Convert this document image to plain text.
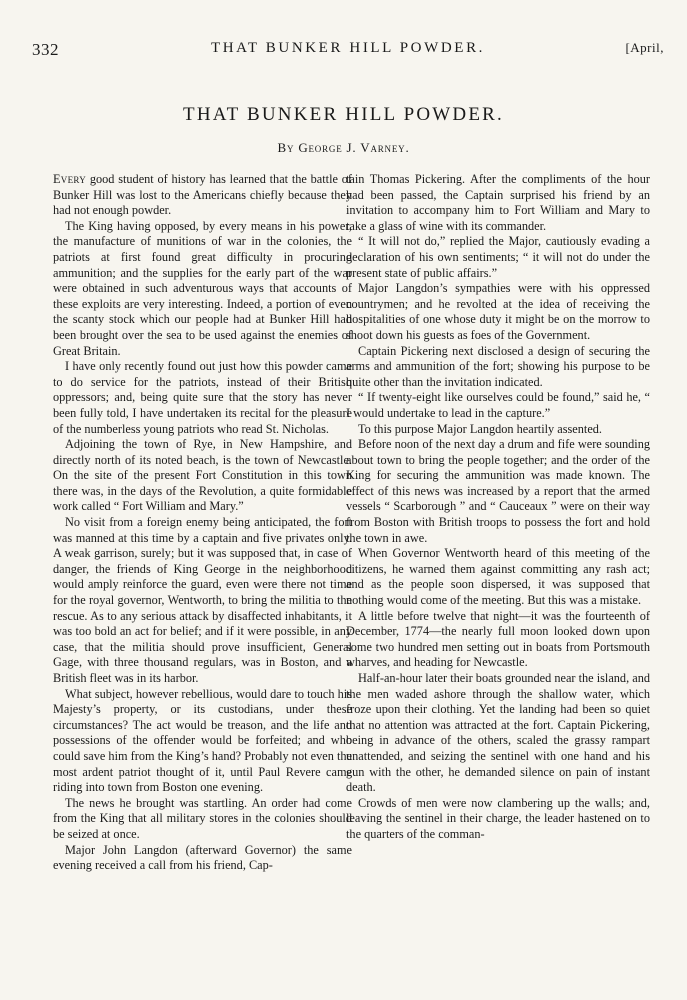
332	THAT BUNKER HILL POWDER.	[April,
THAT BUNKER HILL POWDER.
By George J. Varney.

Every good student of history has learned that the battle of Bunker Hill was lost to the Americans chiefly because they had not enough powder.

The King having opposed, by every means in his power, the manufacture of munitions of war in the colonies, the patriots at first found great difficulty in procuring ammunition; and the supplies for the early part of the war were obtained in such adventurous ways that accounts of these exploits are very interesting. Indeed, a portion of even the scanty stock which our people had at Bunker Hill had been brought over the sea to be used against the enemies of Great Britain.

I have only recently found out just how this powder came to do service for the patriots, instead of their British oppressors; and, being quite sure that the story has never been fully told, I have undertaken its recital for the pleasure of the numberless young patriots who read St. Nicholas.

Adjoining the town of Rye, in New Hampshire, and directly north of its noted beach, is the town of Newcastle. On the site of the present Fort Constitution in this town there was, in the days of the Revolution, a quite formidable work called “ Fort William and Mary.”

No visit from a foreign enemy being anticipated, the fort was manned at this time by a captain and five privates only. A weak garrison, surely; but it was supposed that, in case of danger, the friends of King George in the neighborhood would amply reinforce the guard, even were there not time for the royal governor, Wentworth, to bring the militia to the rescue. As to any serious attack by disaffected inhabitants, it was too bold an act for belief; and if it were possible, in any case, that the militia should prove insufficient, General Gage, with three thousand regulars, was in Boston, and a British fleet was in its harbor.

What subject, however rebellious, would dare to touch his Majesty’s property, or its custodians, under these circumstances? The act would be treason, and the life and possessions of the offender would be forfeited; and who could save him from the King’s hand? Probably not even the most ardent patriot thought of it, until Paul Revere came riding into town from Boston one evening.

The news he brought was startling. An order had come from the King that all military stores in the colonies should be seized at once.

Major John Langdon (afterward Governor) the same evening received a call from his friend, Cap-

tain Thomas Pickering. After the compliments of the hour had been passed, the Captain surprised his friend by an invitation to accompany him to Fort William and Mary to take a glass of wine with its commander.

“ It will not do,” replied the Major, cautiously evading a declaration of his own sentiments; “ it will not do under the present state of public affairs.”

Major Langdon’s sympathies were with his oppressed countrymen; and he revolted at the idea of receiving the hospitalities of one whose duty it might be on the morrow to shoot down his guests as foes of the Government.

Captain Pickering next disclosed a design of securing the arms and ammunition of the fort; showing his purpose to be quite other than the invitation indicated.

“ If twenty-eight like ourselves could be found,” said he, “ I would undertake to lead in the capture.”

To this purpose Major Langdon heartily assented.

Before noon of the next day a drum and fife were sounding about town to bring the people together; and the order of the King for securing the ammunition was made known. The effect of this news was increased by a report that the armed vessels “ Scarborough ” and “ Cauceaux ” were on their way from Boston with British troops to possess the fort and hold the town in awe.

When Governor Wentworth heard of this meeting of the citizens, he warned them against committing any rash act; and as the people soon dispersed, it was supposed that nothing would come of the meeting. But this was a mistake.

A little before twelve that night—it was the fourteenth of December, 1774—the nearly full moon looked down upon some two hundred men setting out in boats from Portsmouth wharves, and heading for Newcastle.

Half-an-hour later their boats grounded near the island, and the men waded ashore through the shallow water, which froze upon their clothing. Yet the landing had been so quiet that no attention was attracted at the fort. Captain Pickering, being in advance of the others, scaled the grassy rampart unattended, and seizing the sentinel with one hand and his gun with the other, he demanded silence on pain of instant death.

Crowds of men were now clambering up the walls; and, leaving the sentinel in their charge, the leader hastened on to the quarters of the comman-
